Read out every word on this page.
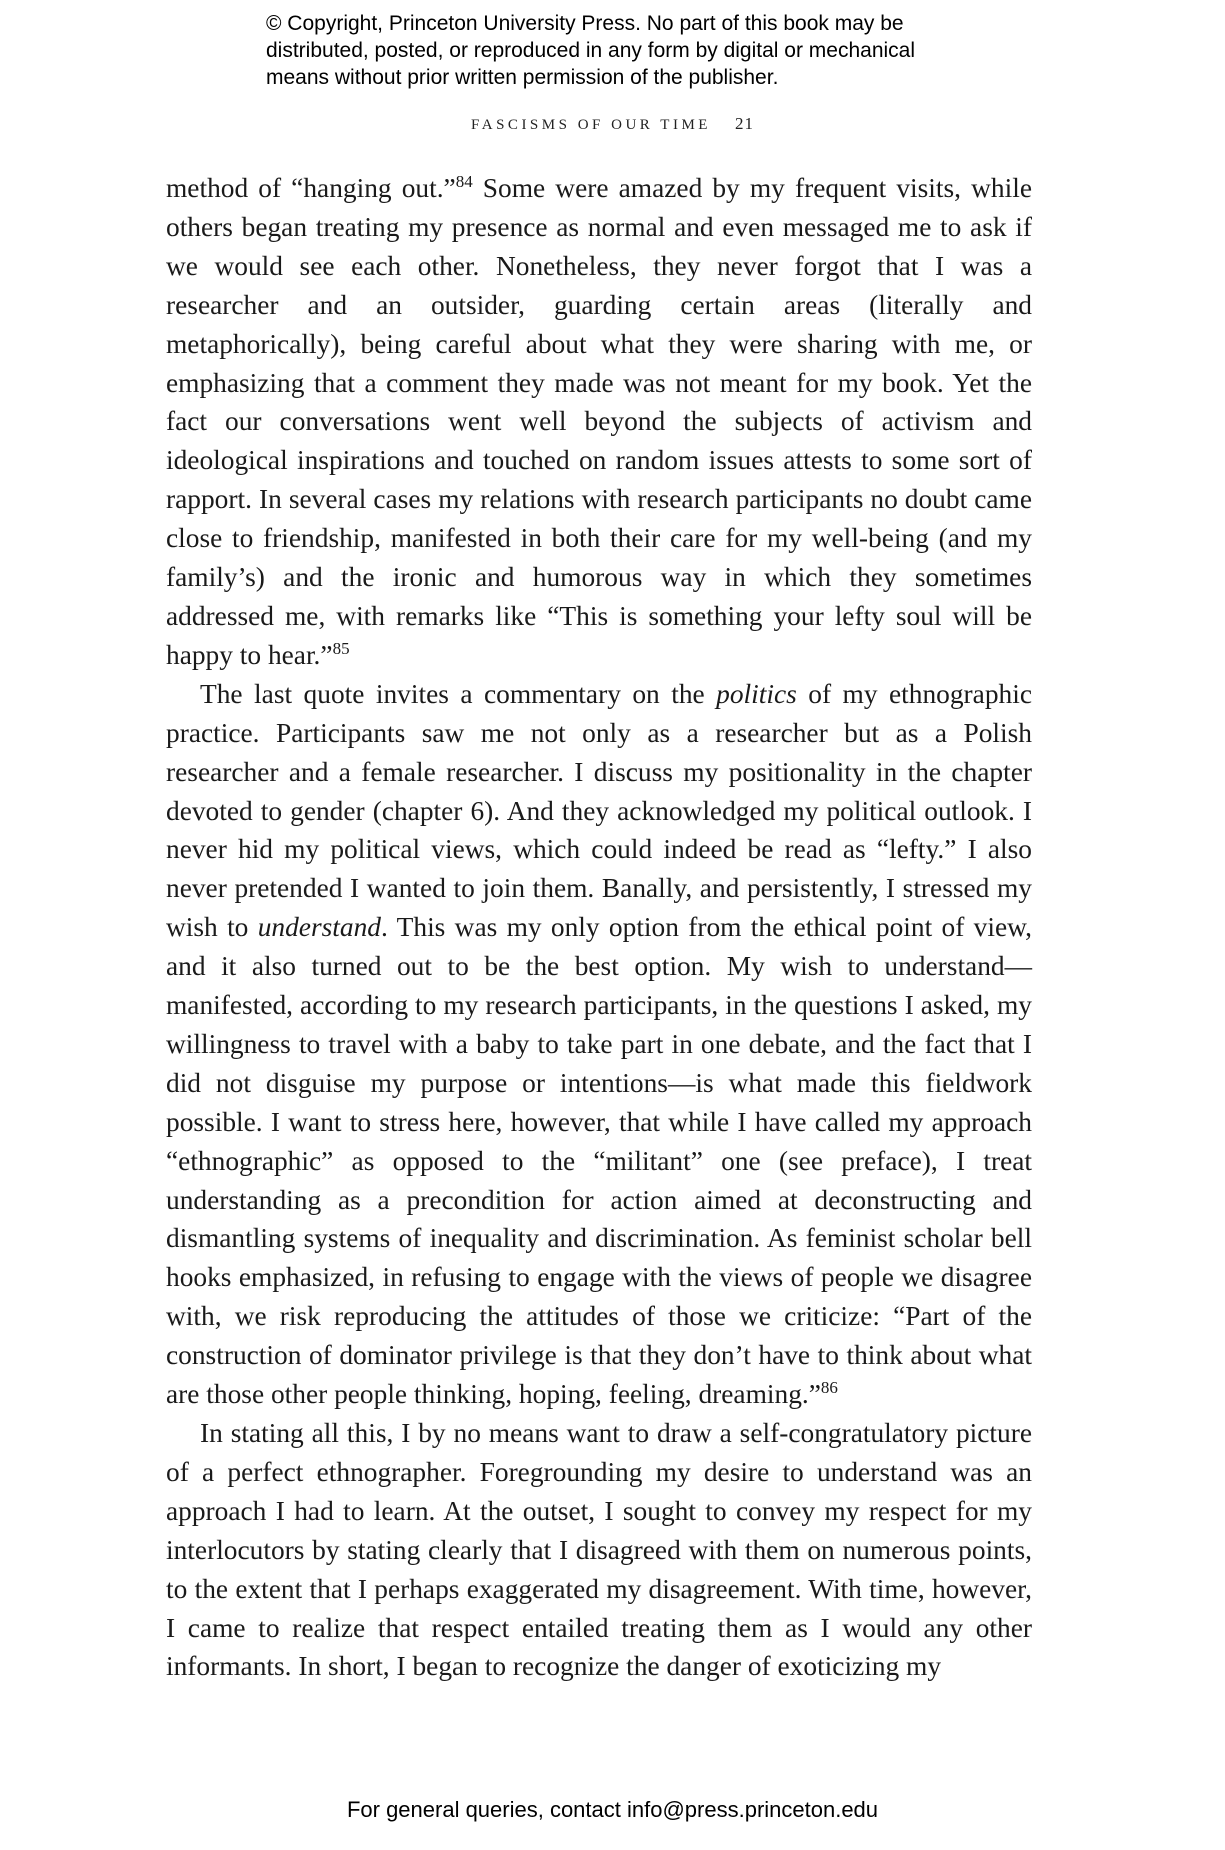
© Copyright, Princeton University Press. No part of this book may be
distributed, posted, or reproduced in any form by digital or mechanical
means without prior written permission of the publisher.
FASCISMS OF OUR TIME 21

method of “hanging out.”$^{84}$ Some were amazed by my frequent visits, while others began treating my presence as normal and even messaged me to ask if we would see each other. Nonetheless, they never forgot that I was a researcher and an outsider, guarding certain areas (literally and metaphorically), being careful about what they were sharing with me, or emphasizing that a comment they made was not meant for my book. Yet the fact our conversations went well beyond the subjects of activism and ideological inspirations and touched on random issues attests to some sort of rapport. In several cases my relations with research participants no doubt came close to friendship, manifested in both their care for my well-being (and my family’s) and the ironic and humorous way in which they sometimes addressed me, with remarks like “This is something your lefty soul will be happy to hear.”$^{85}$

The last quote invites a commentary on the politics of my ethnographic practice. Participants saw me not only as a researcher but as a Polish researcher and a female researcher. I discuss my positionality in the chapter devoted to gender (chapter 6). And they acknowledged my political outlook. I never hid my political views, which could indeed be read as “lefty.” I also never pretended I wanted to join them. Banally, and persistently, I stressed my wish to understand. This was my only option from the ethical point of view, and it also turned out to be the best option. My wish to understand—manifested, according to my research participants, in the questions I asked, my willingness to travel with a baby to take part in one debate, and the fact that I did not disguise my purpose or intentions—is what made this fieldwork possible. I want to stress here, however, that while I have called my approach “ethnographic” as opposed to the “militant” one (see preface), I treat understanding as a precondition for action aimed at deconstructing and dismantling systems of inequality and discrimination. As feminist scholar bell hooks emphasized, in refusing to engage with the views of people we disagree with, we risk reproducing the attitudes of those we criticize: “Part of the construction of dominator privilege is that they don’t have to think about what are those other people thinking, hoping, feeling, dreaming.”$^{86}$

In stating all this, I by no means want to draw a self-congratulatory picture of a perfect ethnographer. Foregrounding my desire to understand was an approach I had to learn. At the outset, I sought to convey my respect for my interlocutors by stating clearly that I disagreed with them on numerous points, to the extent that I perhaps exaggerated my disagreement. With time, however, I came to realize that respect entailed treating them as I would any other informants. In short, I began to recognize the danger of exoticizing my

For general queries, contact info@press.princeton.edu
